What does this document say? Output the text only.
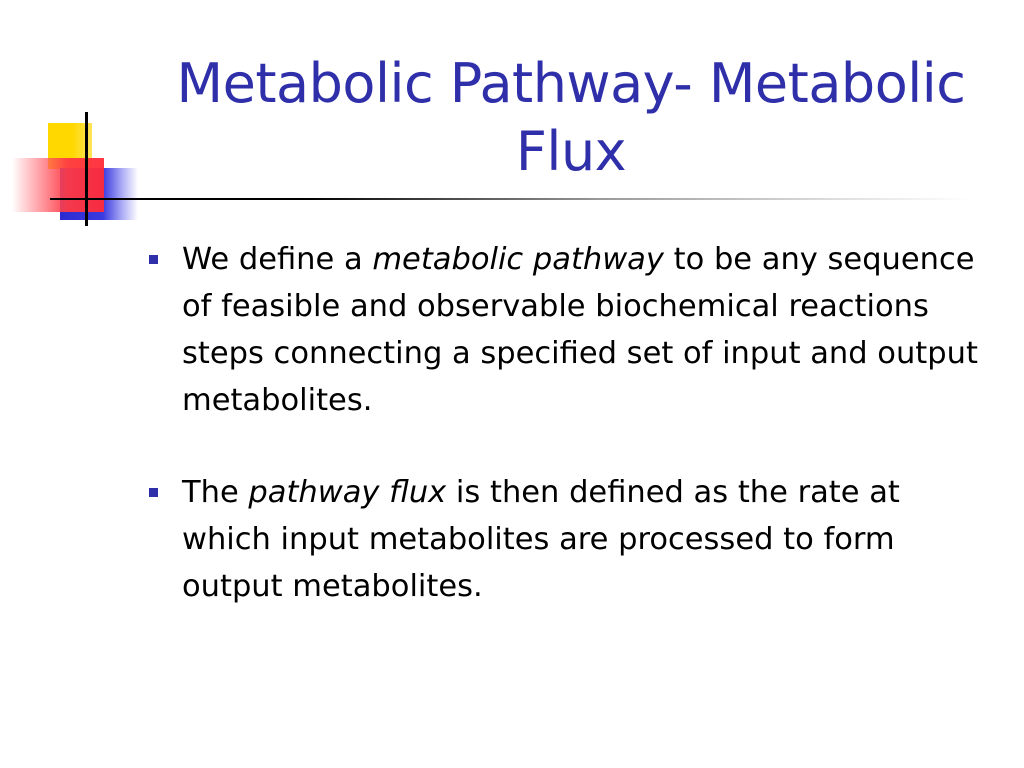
Metabolic Pathway- Metabolic Flux
We define a metabolic pathway to be any sequence of feasible and observable biochemical reactions steps connecting a specified set of input and output metabolites.
The pathway flux is then defined as the rate at which input metabolites are processed to form output metabolites.
